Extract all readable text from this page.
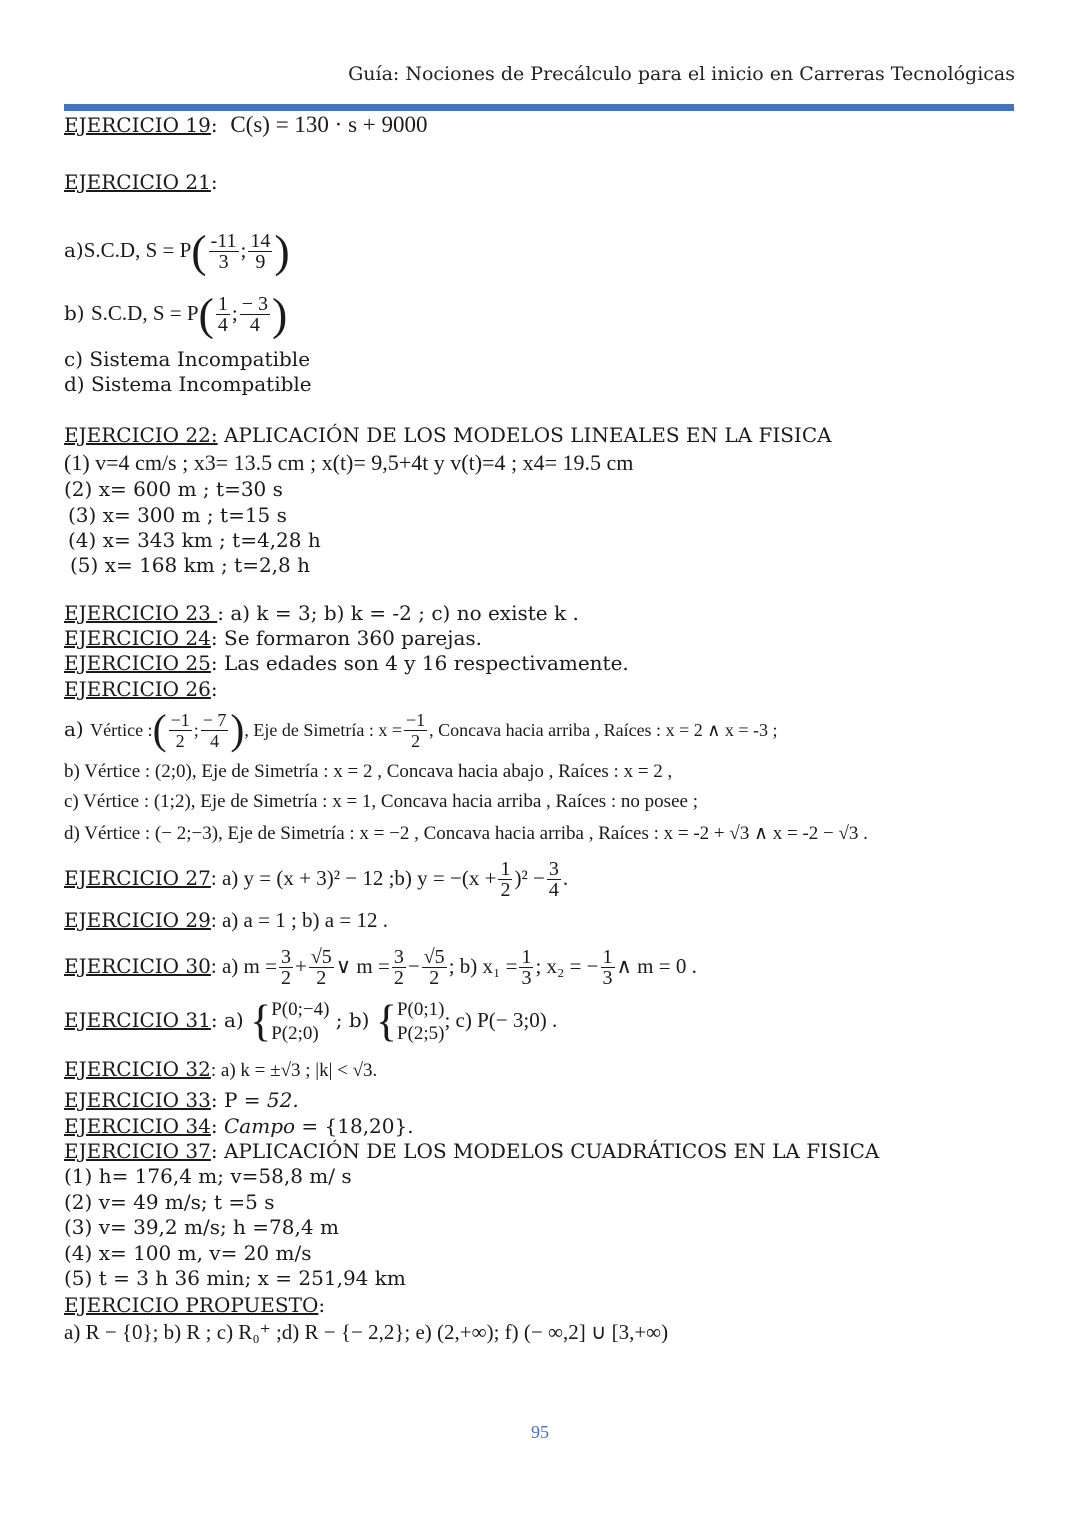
Guía: Nociones de Precálculo para el inicio en Carreras Tecnológicas
EJERCICIO 19:  C(s) = 130 · s + 9000
EJERCICIO 21:
a)S.C.D, $S = P( \frac{-11}{3}$ ; $\frac{14}{9}$ )
b) S.C.D, $S = P( \frac{1}{4}$ ; $\frac{- 3}{4}$ )
c) Sistema Incompatible
d) Sistema Incompatible
EJERCICIO 22: APLICACIÓN DE LOS MODELOS LINEALES EN LA FISICA
(1) v=4 cm/s ; x3= 13.5 cm ; x(t)= 9,5+4t y v(t)=4 ; x4= 19.5 cm
(2) x= 600 m ; t=30 s
(3) x= 300 m ; t=15 s
(4) x= 343 km ; t=4,28 h
(5) x= 168 km ; t=2,8 h
EJERCICIO 23 : a) k = 3; b) k = -2 ; c) no existe k .
EJERCICIO 24: Se formaron 360 parejas.
EJERCICIO 25: Las edades son 4 y 16 respectivamente.
EJERCICIO 26:
a) Vértice :( $\frac{-1}{2}$ ; $\frac{- 7}{4}$ ), Eje de Simetría : $x = \frac{-1}{2}$ , Concava hacia arriba , Raíces : x = 2 ∧ x = -3 ;
b) Vértice : (2;0), Eje de Simetría : x = 2 , Concava hacia abajo , Raíces : x = 2 ,
c) Vértice : (1;2), Eje de Simetría : x = 1, Concava hacia arriba , Raíces : no posee ;
d) Vértice : (− 2;−3), Eje de Simetría : x = −2 , Concava hacia arriba , Raíces : x = -2 + √3 ∧ x = -2 − √3 .
EJERCICIO 27: a) y = (x + 3)² − 12 ;b) $y = -(x + \frac{1}{2} )^2 - \frac{3}{4}$ .
EJERCICIO 29: a) a = 1 ; b) a = 12 .
EJERCICIO 30: a) $m = \frac{3}{2} + \frac{√5}{2}$ ∨ $m = \frac{3}{2} - \frac{√5}{2}$ ; b) $x_1 = \frac{1}{3}$ ; x₂ = − $\frac{1}{3}$ ∧ m = 0 .
EJERCICIO 31: a) { P(0;−4)
P(2;0)
; b) { P(0;1)
P(2;5)
; c) P(− 3;0) .
EJERCICIO 32: a) k = ±√3 ; |k| < √3.
EJERCICIO 33: P = 52.
EJERCICIO 34: Campo = {18,20}.
EJERCICIO 37: APLICACIÓN DE LOS MODELOS CUADRÁTICOS EN LA FISICA
(1) h= 176,4 m; v=58,8 m/ s
(2) v= 49 m/s; t =5 s
(3) v= 39,2 m/s; h =78,4 m
(4) x= 100 m, v= 20 m/s
(5) t = 3 h 36 min; x = 251,94 km
EJERCICIO PROPUESTO:
a) R − {0}; b) R ; c) R₀⁺ ;d) R − {− 2,2}; e) (2,+∞); f) (− ∞,2] ∪ [3,+∞)
95
